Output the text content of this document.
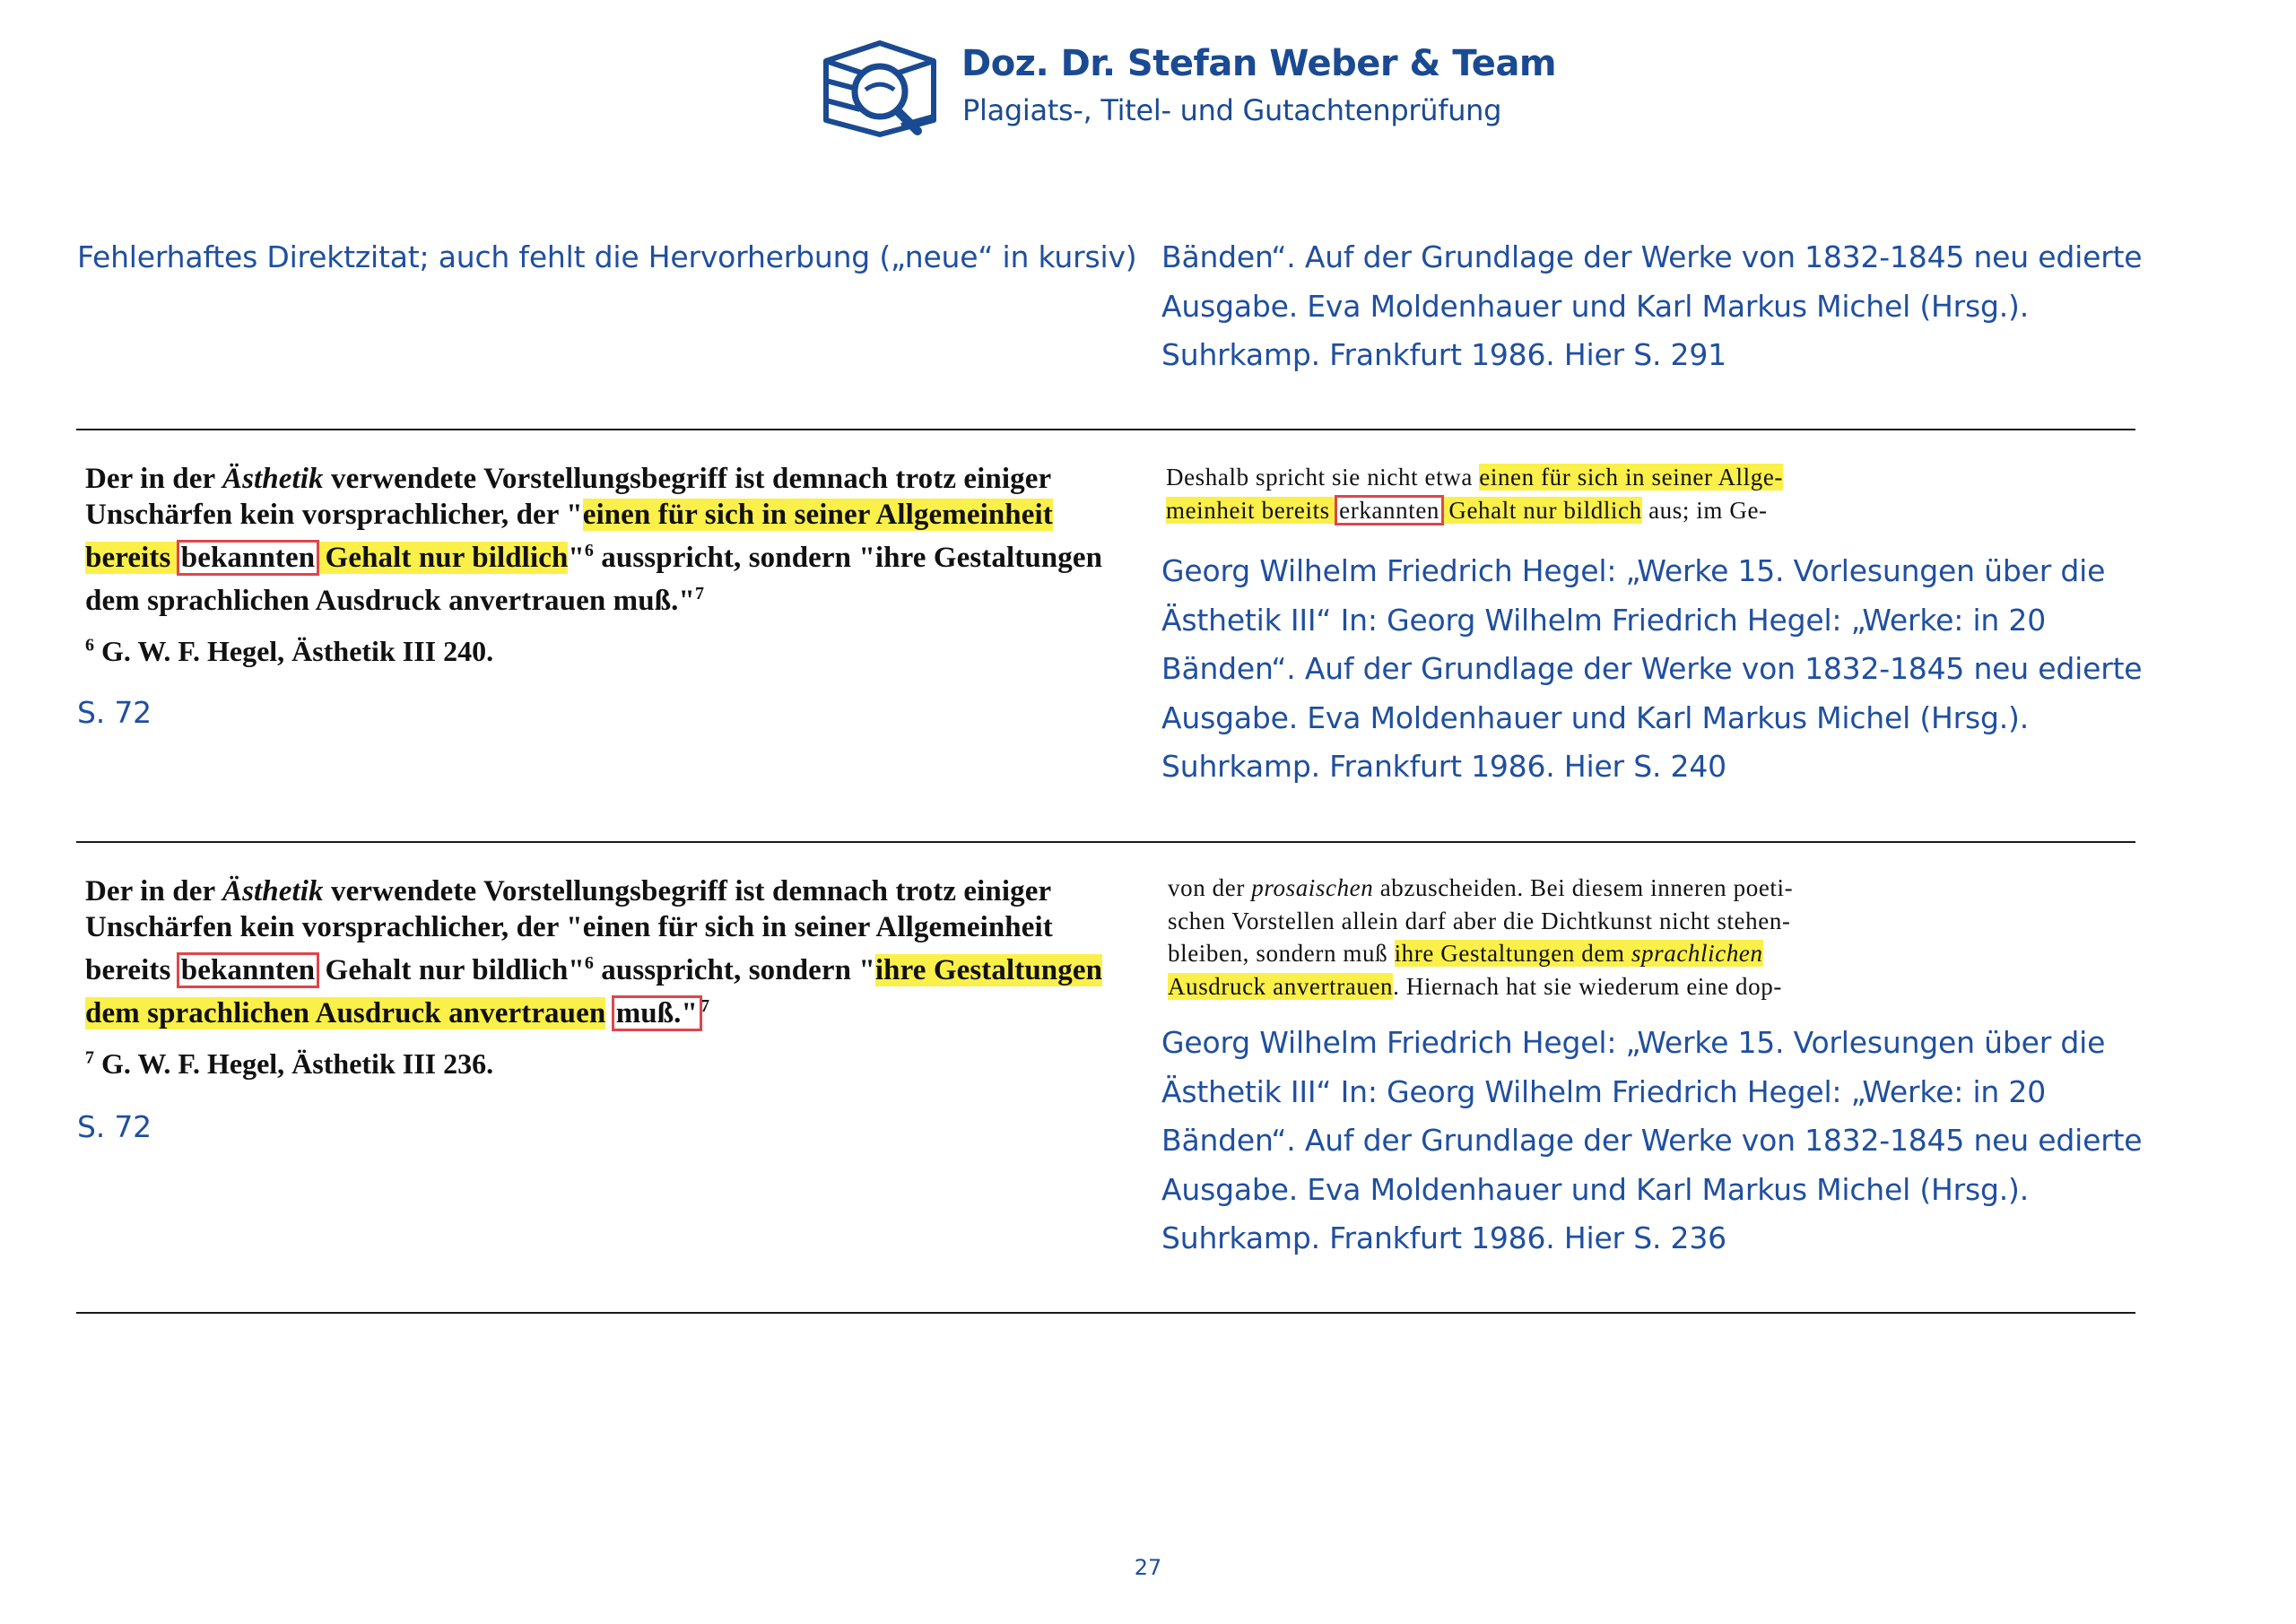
Doz. Dr. Stefan Weber & Team
Plagiats-, Titel- und Gutachtenprüfung
Fehlerhaftes Direktzitat; auch fehlt die Hervorherbung („neue“ in kursiv) Bänden“. Auf der Grundlage der Werke von 1832-1845 neu edierte
Ausgabe. Eva Moldenhauer und Karl Markus Michel (Hrsg.).
Suhrkamp. Frankfurt 1986. Hier S. 291
Der in der Ästhetik verwendete Vorstellungsbegriff ist demnach trotz einiger
Unschärfen kein vorsprachlicher, der "einen für sich in seiner Allgemeinheit
bereits bekannten Gehalt nur bildlich"$^6$ ausspricht, sondern "ihre Gestaltungen
dem sprachlichen Ausdruck anvertrauen muß."$^7$
$^6$ G. W. F. Hegel, Ästhetik III 240.
S. 72
Deshalb spricht sie nicht etwa einen für sich in seiner Allge-
meinheit bereits erkannten Gehalt nur bildlich aus; im Ge-
Georg Wilhelm Friedrich Hegel: „Werke 15. Vorlesungen über die
Ästhetik III“ In: Georg Wilhelm Friedrich Hegel: „Werke: in 20
Bänden“. Auf der Grundlage der Werke von 1832-1845 neu edierte
Ausgabe. Eva Moldenhauer und Karl Markus Michel (Hrsg.).
Suhrkamp. Frankfurt 1986. Hier S. 240
Der in der Ästhetik verwendete Vorstellungsbegriff ist demnach trotz einiger
Unschärfen kein vorsprachlicher, der "einen für sich in seiner Allgemeinheit
bereits bekannten Gehalt nur bildlich"$^6$ ausspricht, sondern "ihre Gestaltungen
dem sprachlichen Ausdruck anvertrauen muß." $^7$
$^7$ G. W. F. Hegel, Ästhetik III 236.
S. 72
von der prosaischen abzuscheiden. Bei diesem inneren poeti-
schen Vorstellen allein darf aber die Dichtkunst nicht stehen-
bleiben, sondern muß ihre Gestaltungen dem sprachlichen
Ausdruck anvertrauen. Hiernach hat sie wiederum eine dop-
Georg Wilhelm Friedrich Hegel: „Werke 15. Vorlesungen über die
Ästhetik III“ In: Georg Wilhelm Friedrich Hegel: „Werke: in 20
Bänden“. Auf der Grundlage der Werke von 1832-1845 neu edierte
Ausgabe. Eva Moldenhauer und Karl Markus Michel (Hrsg.).
Suhrkamp. Frankfurt 1986. Hier S. 236
27
